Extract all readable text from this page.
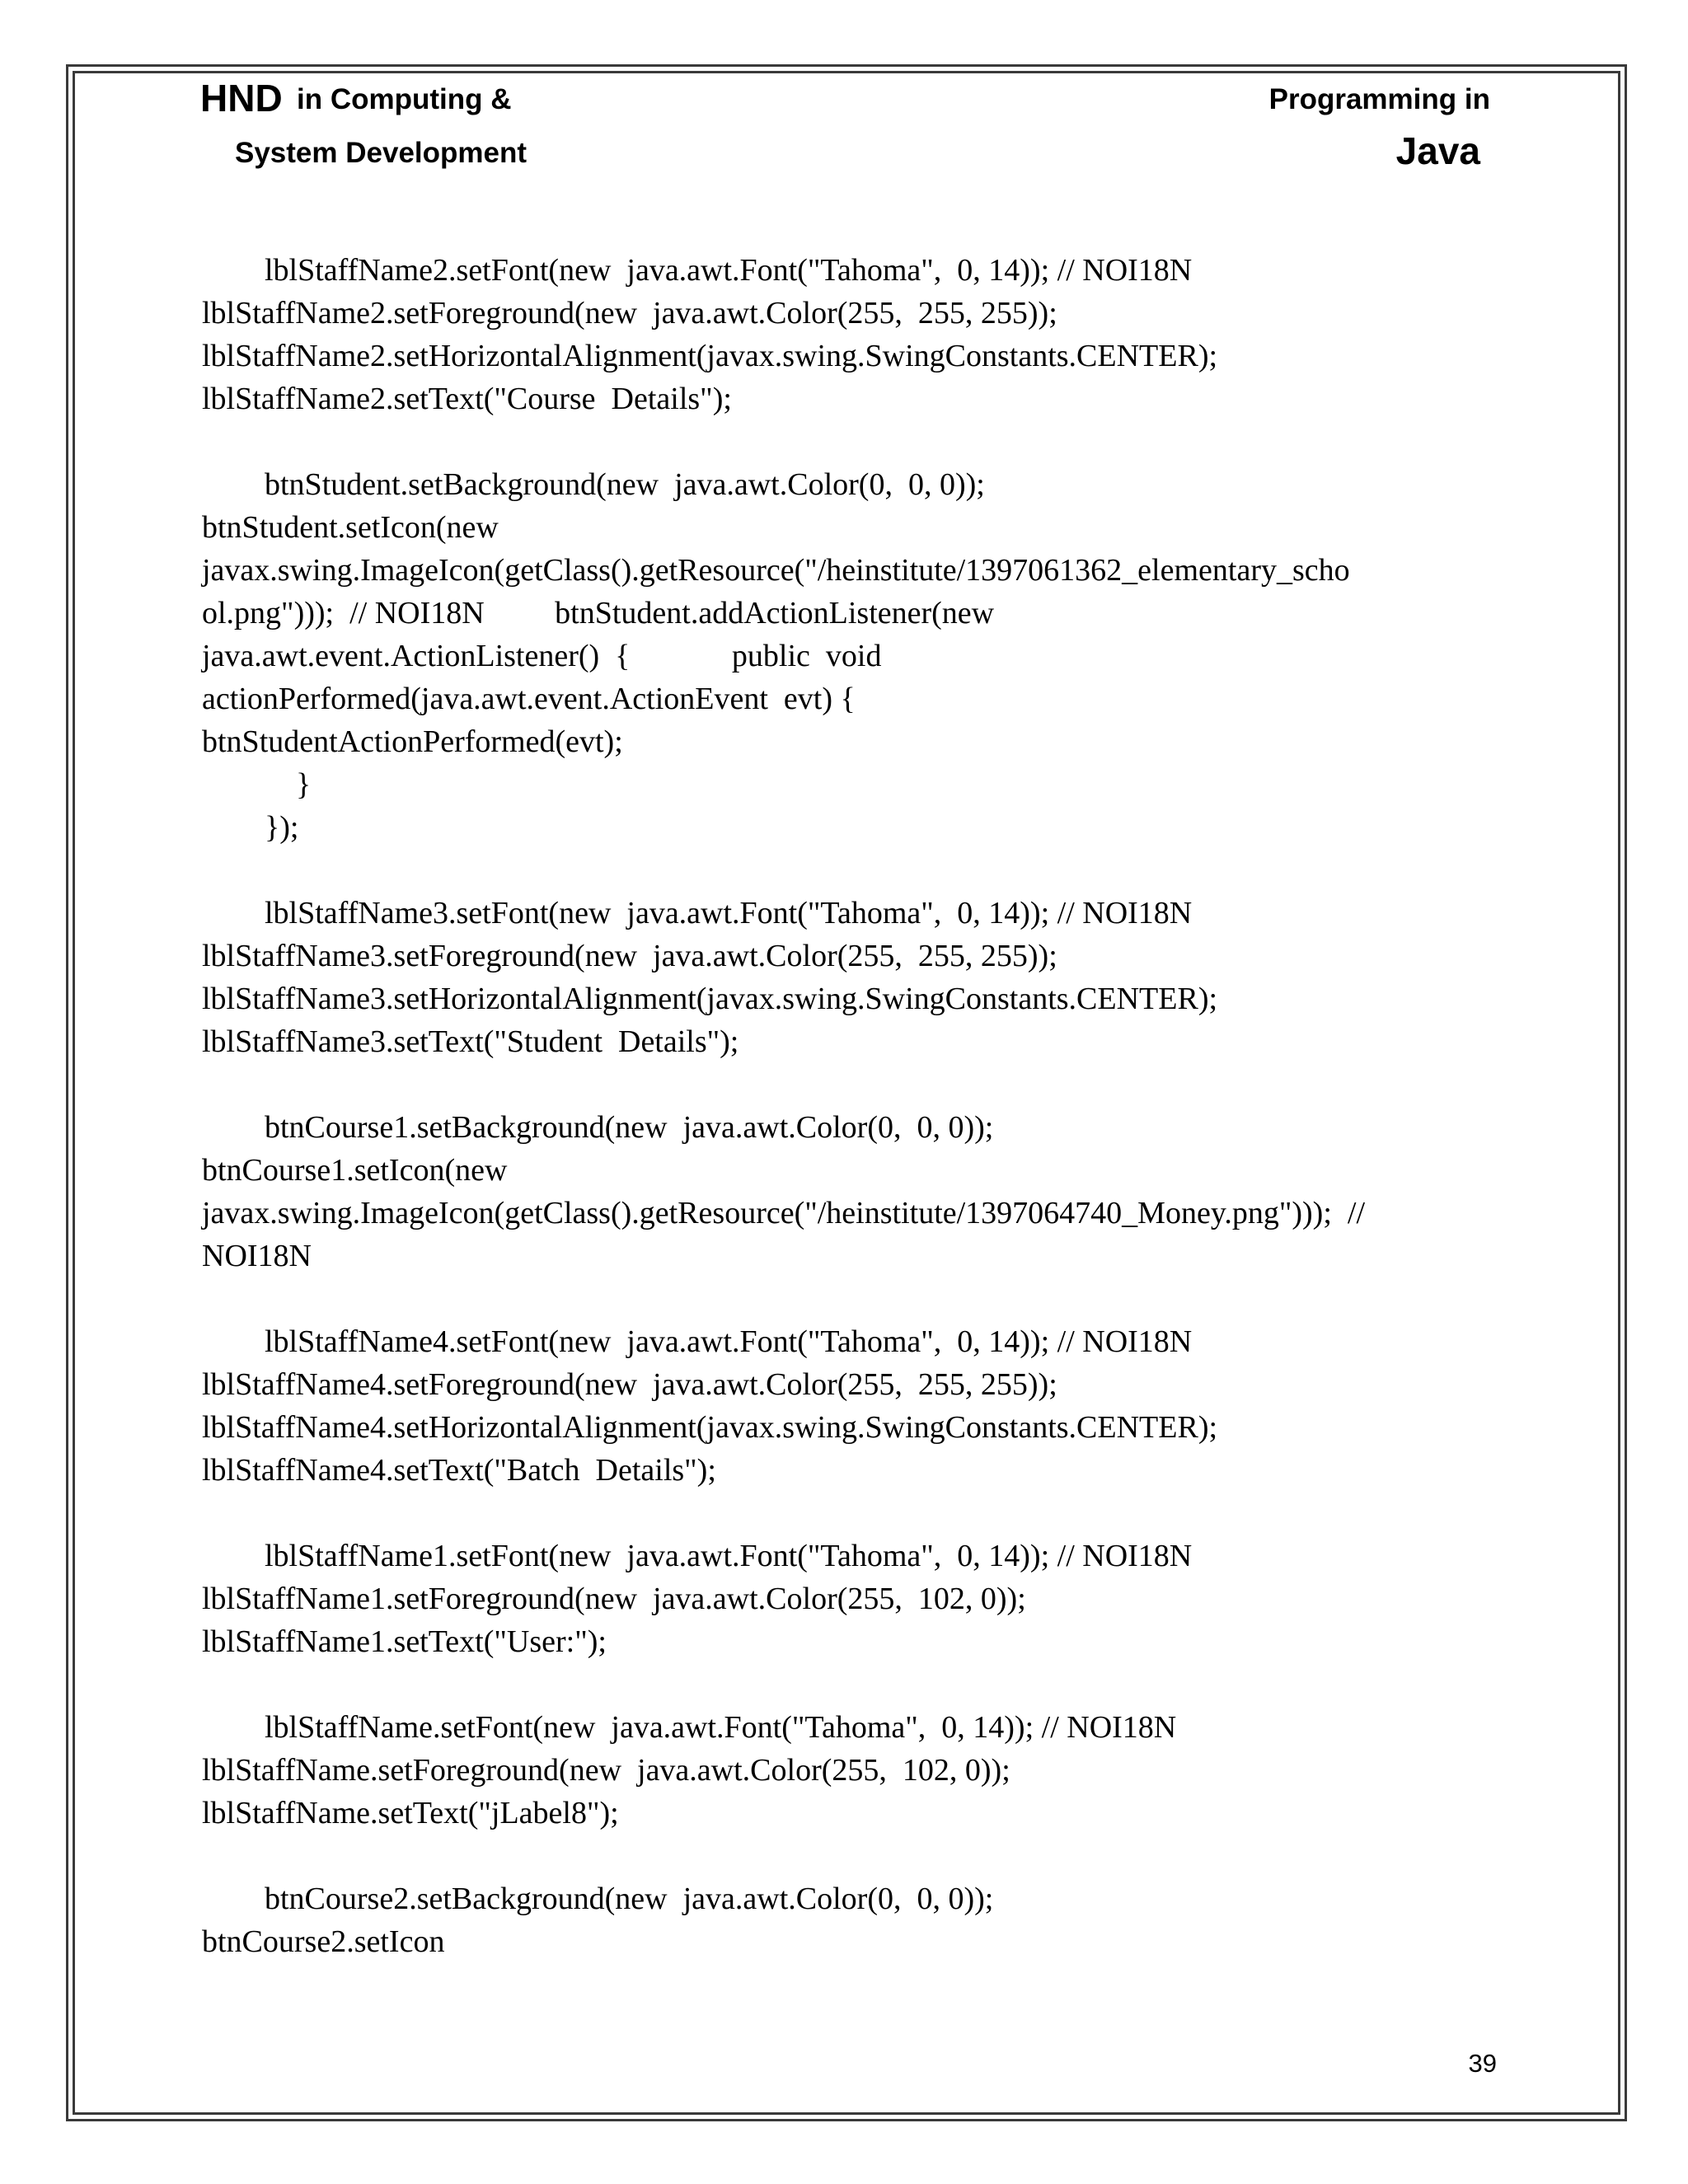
HND in Computing &
System Development
Programming in
Java
lblStaffName2.setFont(new  java.awt.Font("Tahoma",  0, 14)); // NOI18N
lblStaffName2.setForeground(new  java.awt.Color(255,  255, 255));
lblStaffName2.setHorizontalAlignment(javax.swing.SwingConstants.CENTER);
lblStaffName2.setText("Course  Details");
btnStudent.setBackground(new  java.awt.Color(0,  0, 0));
btnStudent.setIcon(new
javax.swing.ImageIcon(getClass().getResource("/heinstitute/1397061362_elementary_scho
ol.png")));  // NOI18N         btnStudent.addActionListener(new
java.awt.event.ActionListener()  {             public  void
actionPerformed(java.awt.event.ActionEvent  evt) {
btnStudentActionPerformed(evt);
}
});
lblStaffName3.setFont(new  java.awt.Font("Tahoma",  0, 14)); // NOI18N
lblStaffName3.setForeground(new  java.awt.Color(255,  255, 255));
lblStaffName3.setHorizontalAlignment(javax.swing.SwingConstants.CENTER);
lblStaffName3.setText("Student  Details");
btnCourse1.setBackground(new  java.awt.Color(0,  0, 0));
btnCourse1.setIcon(new
javax.swing.ImageIcon(getClass().getResource("/heinstitute/1397064740_Money.png")));  //
NOI18N
lblStaffName4.setFont(new  java.awt.Font("Tahoma",  0, 14)); // NOI18N
lblStaffName4.setForeground(new  java.awt.Color(255,  255, 255));
lblStaffName4.setHorizontalAlignment(javax.swing.SwingConstants.CENTER);
lblStaffName4.setText("Batch  Details");
lblStaffName1.setFont(new  java.awt.Font("Tahoma",  0, 14)); // NOI18N
lblStaffName1.setForeground(new  java.awt.Color(255,  102, 0));
lblStaffName1.setText("User:");
lblStaffName.setFont(new  java.awt.Font("Tahoma",  0, 14)); // NOI18N
lblStaffName.setForeground(new  java.awt.Color(255,  102, 0));
lblStaffName.setText("jLabel8");
btnCourse2.setBackground(new  java.awt.Color(0,  0, 0));
btnCourse2.setIcon
39
